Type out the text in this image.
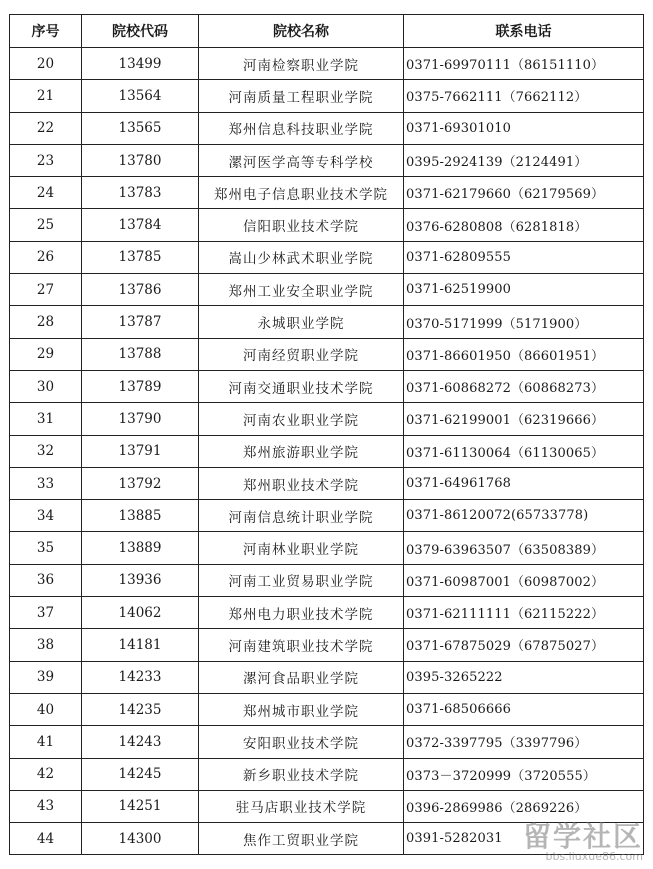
序号	院校代码	院校名称	联系电话
20	13499	河南检察职业学院	0371-69970111（86151110）
21	13564	河南质量工程职业学院	0375-7662111（7662112）
22	13565	郑州信息科技职业学院	0371-69301010
23	13780	漯河医学高等专科学校	0395-2924139（2124491）
24	13783	郑州电子信息职业技术学院	0371-62179660（62179569）
25	13784	信阳职业技术学院	0376-6280808（6281818）
26	13785	嵩山少林武术职业学院	0371-62809555
27	13786	郑州工业安全职业学院	0371-62519900
28	13787	永城职业学院	0370-5171999（5171900）
29	13788	河南经贸职业学院	0371-86601950（86601951）
30	13789	河南交通职业技术学院	0371-60868272（60868273）
31	13790	河南农业职业学院	0371-62199001（62319666）
32	13791	郑州旅游职业学院	0371-61130064（61130065）
33	13792	郑州职业技术学院	0371-64961768
34	13885	河南信息统计职业学院	0371-86120072(65733778)
35	13889	河南林业职业学院	0379-63963507（63508389）
36	13936	河南工业贸易职业学院	0371-60987001（60987002）
37	14062	郑州电力职业技术学院	0371-62111111（62115222）
38	14181	河南建筑职业技术学院	0371-67875029（67875027）
39	14233	漯河食品职业学院	0395-3265222
40	14235	郑州城市职业学院	0371-68506666
41	14243	安阳职业技术学院	0372-3397795（3397796）
42	14245	新乡职业技术学院	0373－3720999（3720555）
43	14251	驻马店职业技术学院	0396-2869986（2869226）
44	14300	焦作工贸职业学院	0391-5282031 留学社区
bbs.liuxue86.com
